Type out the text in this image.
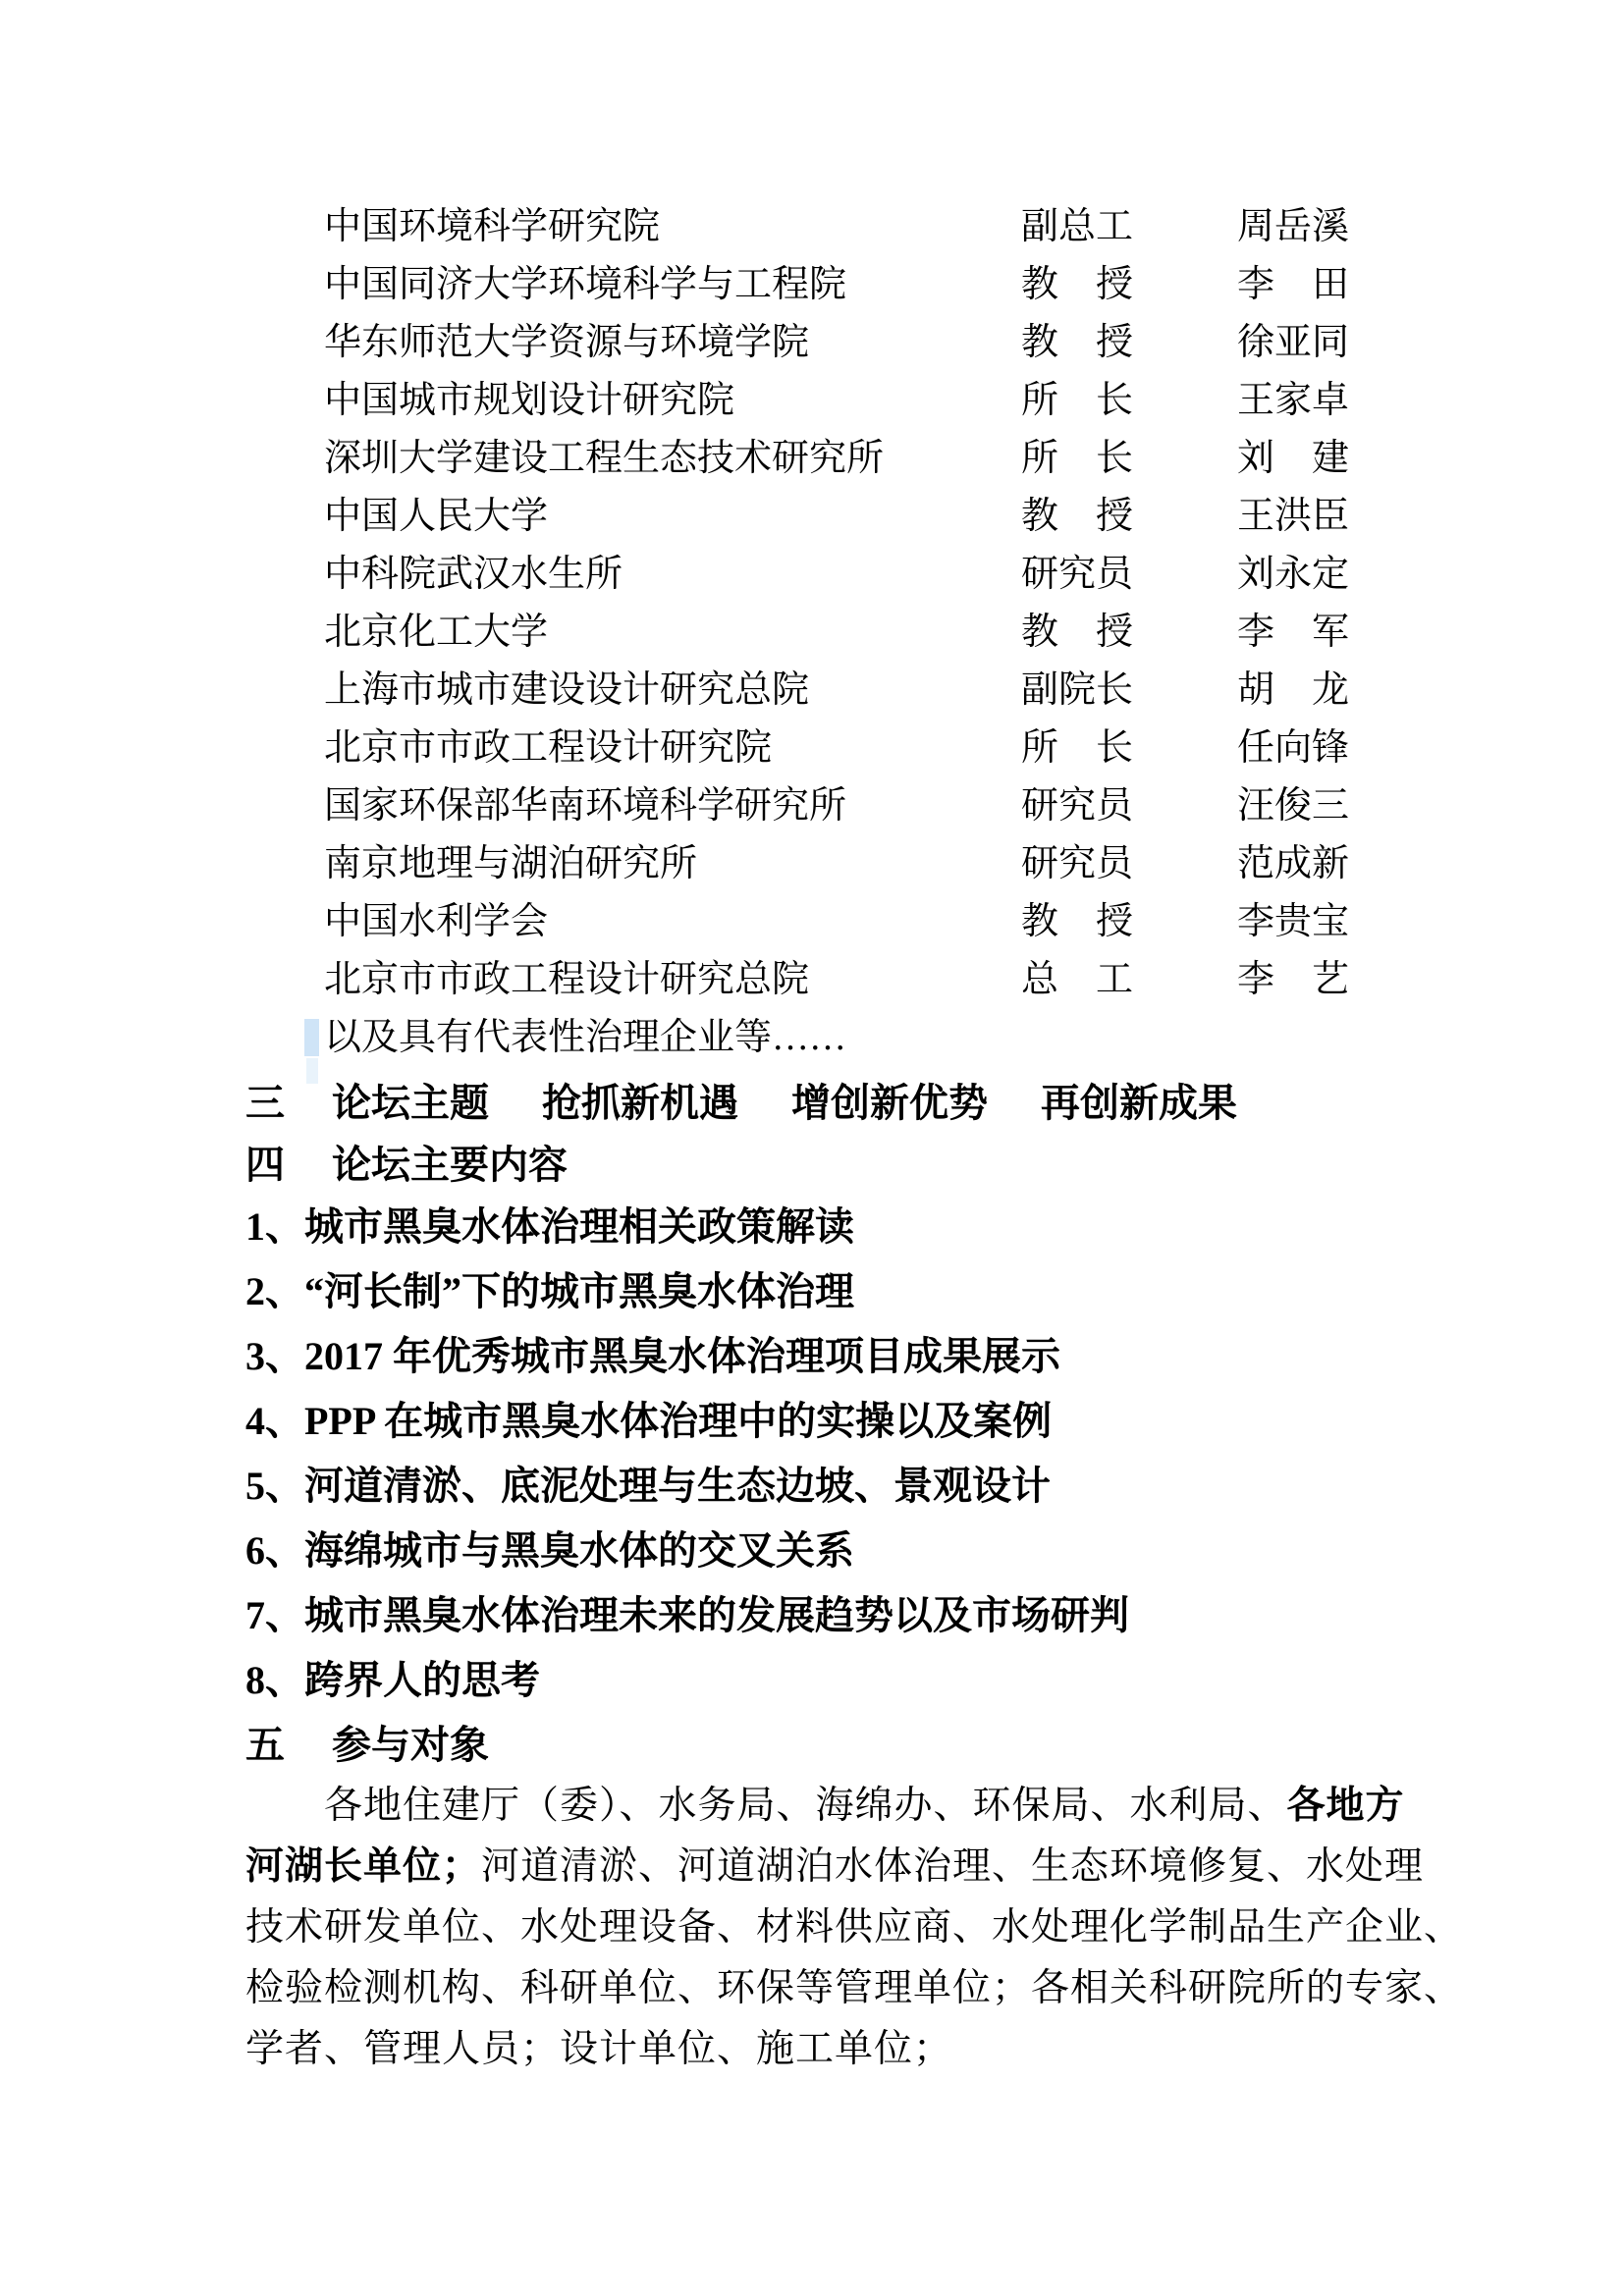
中国环境科学研究院	副总工	周岳溪
中国同济大学环境科学与工程院	教　授	李　田
华东师范大学资源与环境学院	教　授	徐亚同
中国城市规划设计研究院	所　长	王家卓
深圳大学建设工程生态技术研究所	所　长	刘　建
中国人民大学	教　授	王洪臣
中科院武汉水生所	研究员	刘永定
北京化工大学	教　授	李　军
上海市城市建设设计研究总院	副院长	胡　龙
北京市市政工程设计研究院	所　长	任向锋
国家环保部华南环境科学研究所	研究员	汪俊三
南京地理与湖泊研究所	研究员	范成新
中国水利学会	教　授	李贵宝
北京市市政工程设计研究总院	总　工	李　艺
以及具有代表性治理企业等……
三 论坛主题 抢抓新机遇 增创新优势 再创新成果
四 论坛主要内容
1、城市黑臭水体治理相关政策解读
2、“河长制”下的城市黑臭水体治理
3、2017 年优秀城市黑臭水体治理项目成果展示
4、PPP 在城市黑臭水体治理中的实操以及案例
5、河道清淤、底泥处理与生态边坡、景观设计
6、海绵城市与黑臭水体的交叉关系
7、城市黑臭水体治理未来的发展趋势以及市场研判
8、跨界人的思考
五 参与对象
各地住建厅（委）、水务局、海绵办、环保局、水利局、各地方
河湖长单位；河道清淤、河道湖泊水体治理、生态环境修复、水处理
技术研发单位、水处理设备、材料供应商、水处理化学制品生产企业、
检验检测机构、科研单位、环保等管理单位；各相关科研院所的专家、
学者、管理人员；设计单位、施工单位；
